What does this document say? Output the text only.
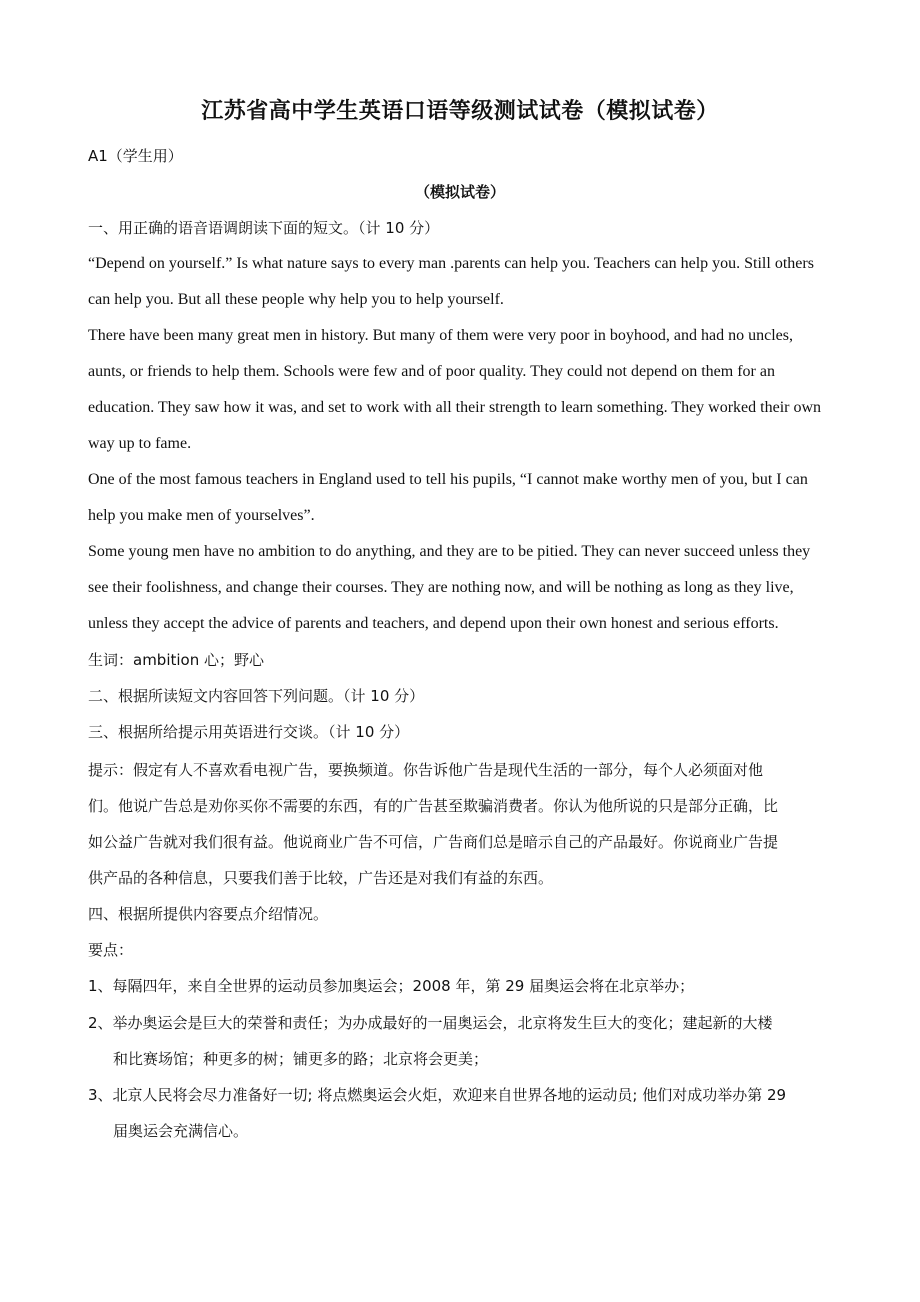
江苏省高中学生英语口语等级测试试卷（模拟试卷）
A1（学生用）
（模拟试卷）
一、用正确的语音语调朗读下面的短文。（计 10 分）
“Depend on yourself.” Is what nature says to every man .parents can help you. Teachers can help you. Still others
can help you. But all these people why help you to help yourself.
There have been many great men in history. But many of them were very poor in boyhood, and had no uncles,
aunts, or friends to help them. Schools were few and of poor quality. They could not depend on them for an
education. They saw how it was, and set to work with all their strength to learn something. They worked their own
way up to fame.
One of the most famous teachers in England used to tell his pupils, “I cannot make worthy men of you, but I can
help you make men of yourselves”.
Some young men have no ambition to do anything, and they are to be pitied. They can never succeed unless they
see their foolishness, and change their courses. They are nothing now, and will be nothing as long as they live,
unless they accept the advice of parents and teachers, and depend upon their own honest and serious efforts.
生词：ambition 心；野心
二、根据所读短文内容回答下列问题。（计 10 分）
三、根据所给提示用英语进行交谈。（计 10 分）
提示：假定有人不喜欢看电视广告，要换频道。你告诉他广告是现代生活的一部分，每个人必须面对他
们。他说广告总是劝你买你不需要的东西，有的广告甚至欺骗消费者。你认为他所说的只是部分正确，比
如公益广告就对我们很有益。他说商业广告不可信，广告商们总是暗示自己的产品最好。你说商业广告提
供产品的各种信息，只要我们善于比较，广告还是对我们有益的东西。
四、根据所提供内容要点介绍情况。
要点：
1、每隔四年，来自全世界的运动员参加奥运会；2008 年，第 29 届奥运会将在北京举办；
2、举办奥运会是巨大的荣誉和责任；为办成最好的一届奥运会，北京将发生巨大的变化；建起新的大楼
和比赛场馆；种更多的树；铺更多的路；北京将会更美；
3、北京人民将会尽力准备好一切; 将点燃奥运会火炬，欢迎来自世界各地的运动员; 他们对成功举办第 29
届奥运会充满信心。
